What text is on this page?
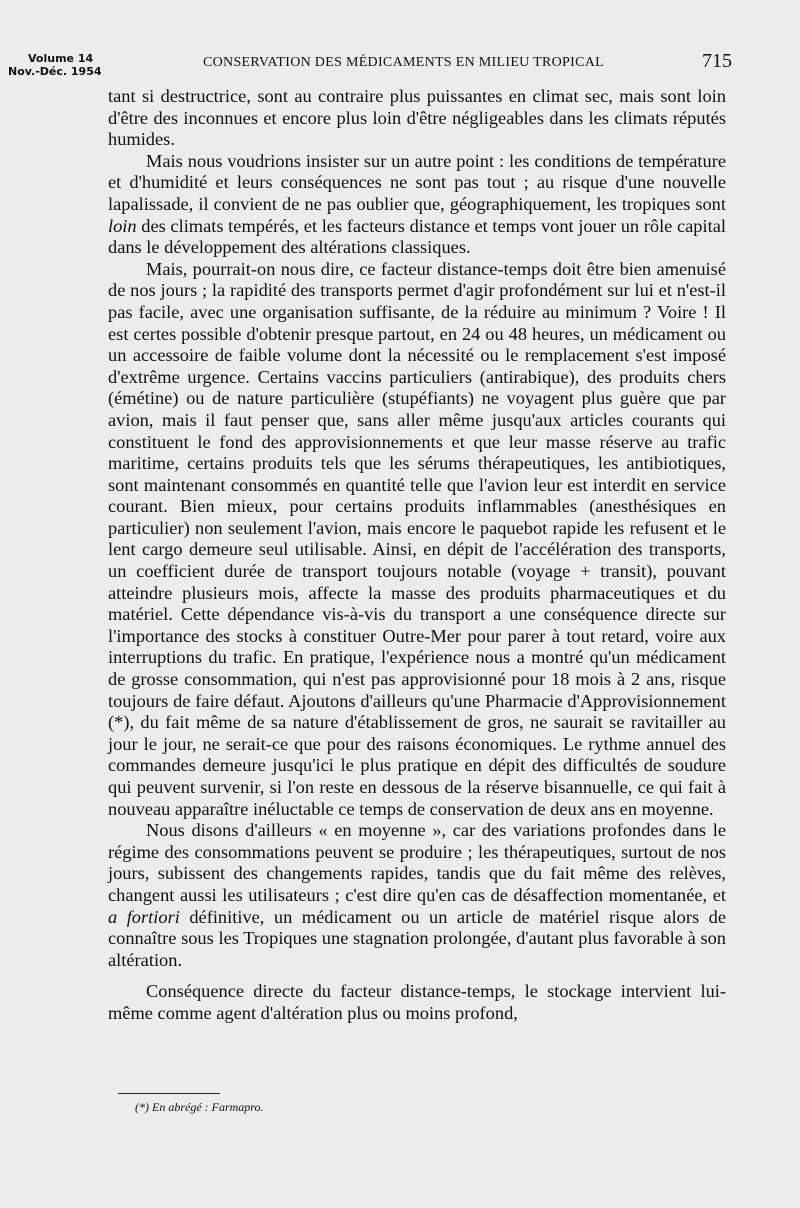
Volume 14
Nov.-Déc. 1954
CONSERVATION DES MÉDICAMENTS EN MILIEU TROPICAL	715

tant si destructrice, sont au contraire plus puissantes en climat sec, mais sont loin d'être des inconnues et encore plus loin d'être négligeables dans les climats réputés humides.

Mais nous voudrions insister sur un autre point : les conditions de température et d'humidité et leurs conséquences ne sont pas tout ; au risque d'une nouvelle lapalissade, il convient de ne pas oublier que, géographiquement, les tropiques sont loin des climats tempérés, et les facteurs distance et temps vont jouer un rôle capital dans le développement des altérations classiques.

Mais, pourrait-on nous dire, ce facteur distance-temps doit être bien amenuisé de nos jours ; la rapidité des transports permet d'agir profondément sur lui et n'est-il pas facile, avec une organisation suffisante, de la réduire au minimum ? Voire ! Il est certes possible d'obtenir presque partout, en 24 ou 48 heures, un médicament ou un accessoire de faible volume dont la nécessité ou le remplacement s'est imposé d'extrême urgence. Certains vaccins particuliers (antirabique), des produits chers (émétine) ou de nature particulière (stupéfiants) ne voyagent plus guère que par avion, mais il faut penser que, sans aller même jusqu'aux articles courants qui constituent le fond des approvisionnements et que leur masse réserve au trafic maritime, certains produits tels que les sérums thérapeutiques, les antibiotiques, sont maintenant consommés en quantité telle que l'avion leur est interdit en service courant. Bien mieux, pour certains produits inflammables (anesthésiques en particulier) non seulement l'avion, mais encore le paquebot rapide les refusent et le lent cargo demeure seul utilisable. Ainsi, en dépit de l'accélération des transports, un coefficient durée de transport toujours notable (voyage + transit), pouvant atteindre plusieurs mois, affecte la masse des produits pharmaceutiques et du matériel. Cette dépendance vis-à-vis du transport a une conséquence directe sur l'importance des stocks à constituer Outre-Mer pour parer à tout retard, voire aux interruptions du trafic. En pratique, l'expérience nous a montré qu'un médicament de grosse consommation, qui n'est pas approvisionné pour 18 mois à 2 ans, risque toujours de faire défaut. Ajoutons d'ailleurs qu'une Pharmacie d'Approvisionnement (*), du fait même de sa nature d'établissement de gros, ne saurait se ravitailler au jour le jour, ne serait-ce que pour des raisons économiques. Le rythme annuel des commandes demeure jusqu'ici le plus pratique en dépit des difficultés de soudure qui peuvent survenir, si l'on reste en dessous de la réserve bisannuelle, ce qui fait à nouveau apparaître inéluctable ce temps de conservation de deux ans en moyenne.

Nous disons d'ailleurs « en moyenne », car des variations profondes dans le régime des consommations peuvent se produire ; les thérapeutiques, surtout de nos jours, subissent des changements rapides, tandis que du fait même des relèves, changent aussi les utilisateurs ; c'est dire qu'en cas de désaffection momentanée, et a fortiori définitive, un médicament ou un article de matériel risque alors de connaître sous les Tropiques une stagnation prolongée, d'autant plus favorable à son altération.

Conséquence directe du facteur distance-temps, le stockage intervient lui-même comme agent d'altération plus ou moins profond,

(*) En abrégé : Farmapro.
